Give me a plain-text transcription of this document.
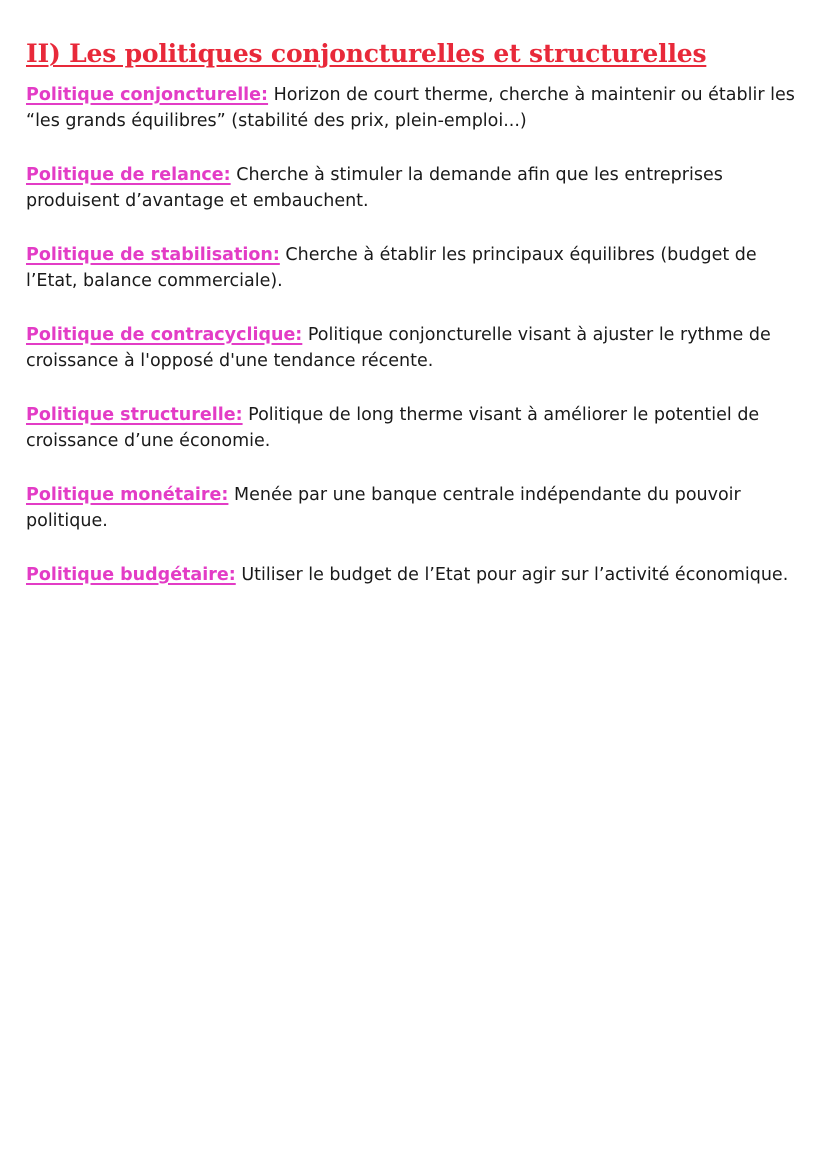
II) Les politiques conjoncturelles et structurelles
Politique conjoncturelle: Horizon de court therme, cherche à maintenir ou établir les “les grands équilibres” (stabilité des prix, plein-emploi...)
Politique de relance: Cherche à stimuler la demande afin que les entreprises produisent d’avantage et embauchent.
Politique de stabilisation: Cherche à établir les principaux équilibres (budget de l’Etat, balance commerciale).
Politique de contracyclique: Politique conjoncturelle visant à ajuster le rythme de croissance à l'opposé d'une tendance récente.
Politique structurelle: Politique de long therme visant à améliorer le potentiel de croissance d’une économie.
Politique monétaire: Menée par une banque centrale indépendante du pouvoir politique.
Politique budgétaire: Utiliser le budget de l’Etat pour agir sur l’activité économique.
